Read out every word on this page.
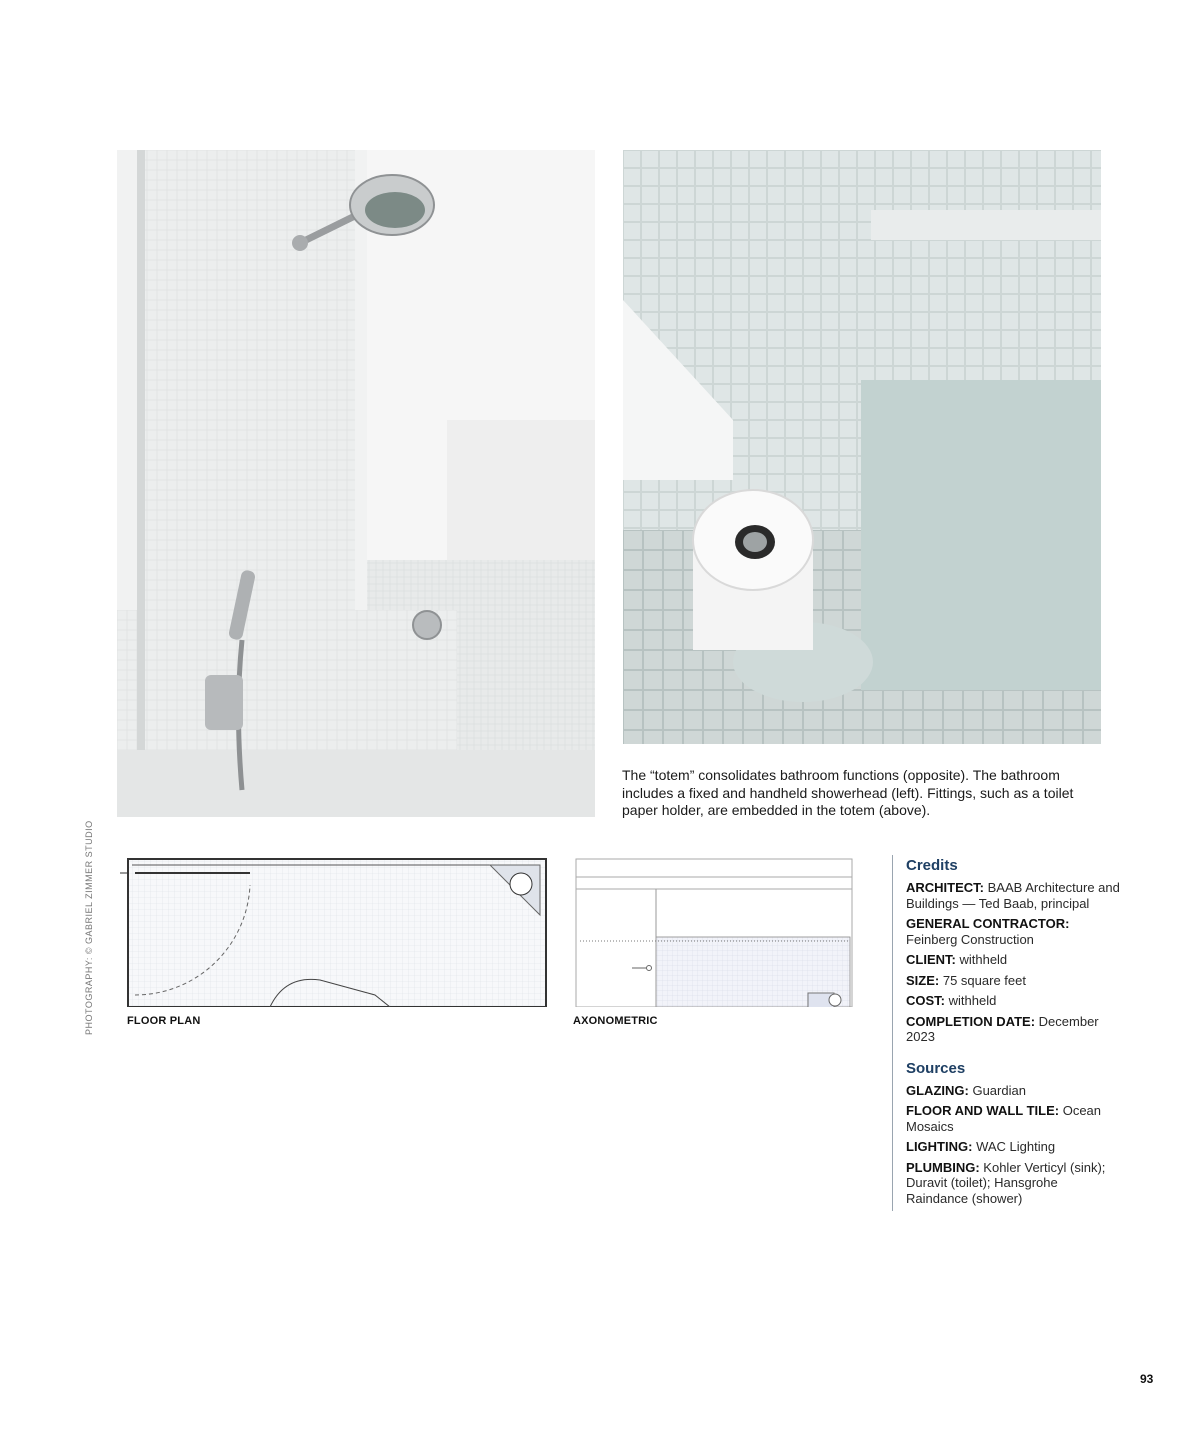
The “totem” consolidates bathroom functions (opposite). The bathroom includes a fixed and handheld showerhead (left). Fittings, such as a toilet paper holder, are embedded in the totem (above).
FLOOR PLAN	AXONOMETRIC
PHOTOGRAPHY: © GABRIEL ZIMMER STUDIO	Credits
ARCHITECT: BAAB Architecture and Buildings — Ted Baab, principal
GENERAL CONTRACTOR: Feinberg Construction
CLIENT: withheld
SIZE: 75 square feet
COST: withheld
COMPLETION DATE: December 2023
Sources
GLAZING: Guardian
FLOOR AND WALL TILE: Ocean Mosaics
LIGHTING: WAC Lighting
PLUMBING: Kohler Verticyl (sink); Duravit (toilet); Hansgrohe Raindance (shower)
93
